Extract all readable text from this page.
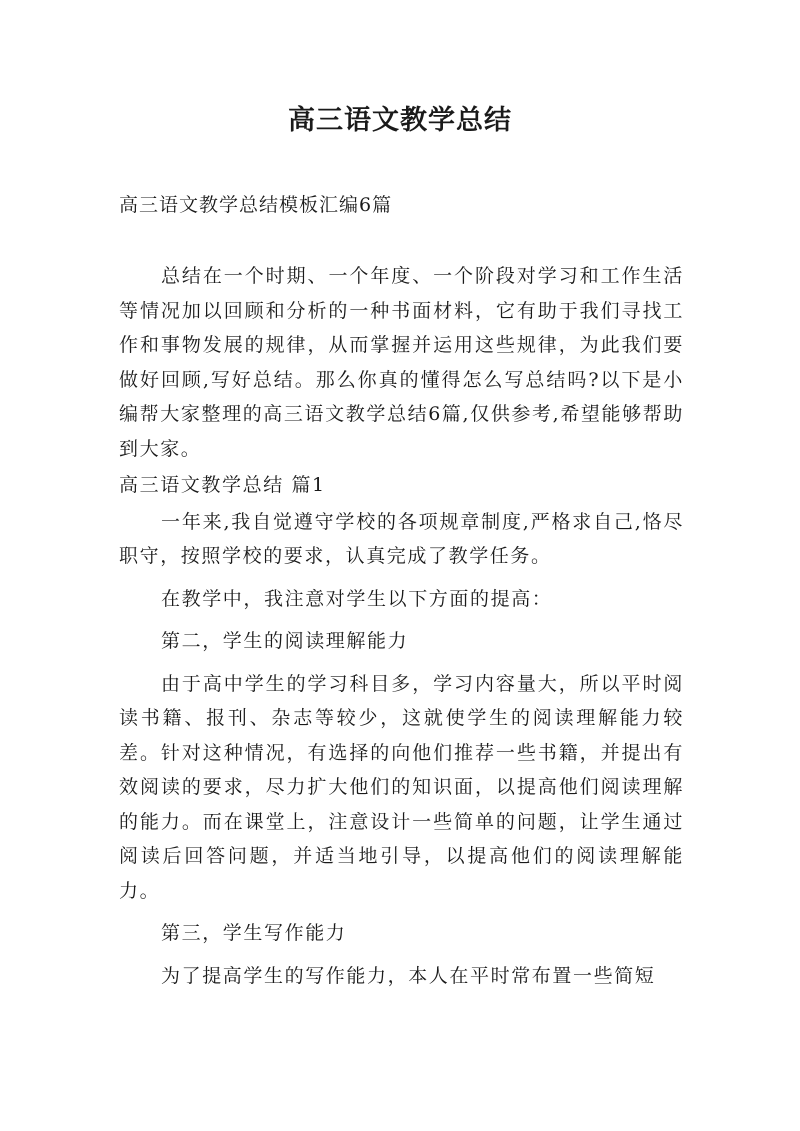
高三语文教学总结

高三语文教学总结模板汇编6篇

总结在一个时期、一个年度、一个阶段对学习和工作生活等情况加以回顾和分析的一种书面材料，它有助于我们寻找工作和事物发展的规律，从而掌握并运用这些规律，为此我们要做好回顾,写好总结。那么你真的懂得怎么写总结吗?以下是小编帮大家整理的高三语文教学总结6篇,仅供参考,希望能够帮助到大家。

高三语文教学总结 篇1

一年来,我自觉遵守学校的各项规章制度,严格求自己,恪尽职守，按照学校的要求，认真完成了教学任务。

在教学中，我注意对学生以下方面的提高：

第二，学生的阅读理解能力

由于高中学生的学习科目多，学习内容量大，所以平时阅读书籍、报刊、杂志等较少，这就使学生的阅读理解能力较差。针对这种情况，有选择的向他们推荐一些书籍，并提出有效阅读的要求，尽力扩大他们的知识面，以提高他们阅读理解的能力。而在课堂上，注意设计一些简单的问题，让学生通过阅读后回答问题，并适当地引导，以提高他们的阅读理解能力。

第三，学生写作能力

为了提高学生的写作能力，本人在平时常布置一些简短
